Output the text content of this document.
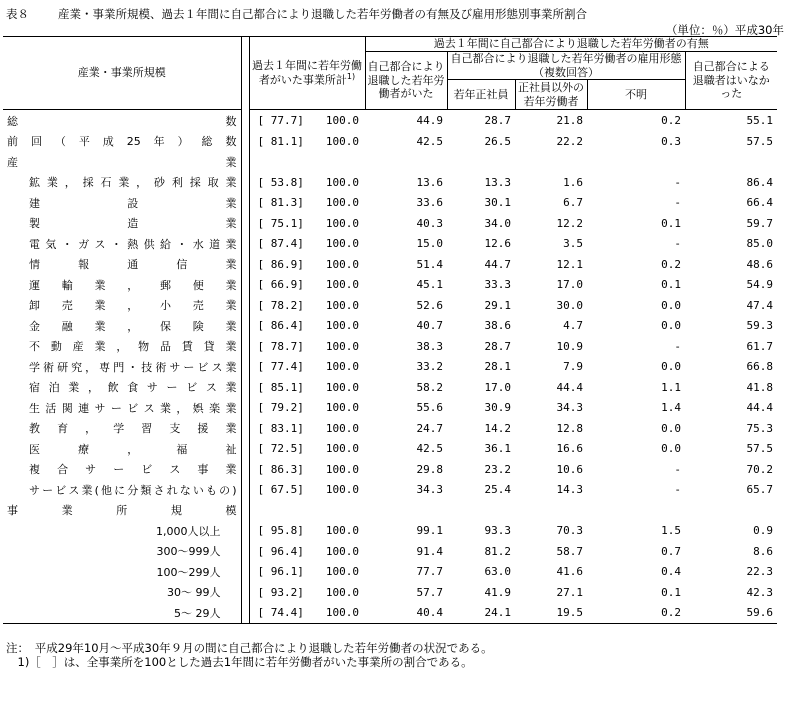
表８	産業・事業所規模、過去１年間に自己都合により退職した若年労働者の有無及び雇用形態別事業所割合
（単位：％）平成30年
産業・事業所規模		過去１年間に若年労働者がいた事業所計$^{1)}$		過去１年間に自己都合により退職した若年労働者の有無				
				自己都合により退職した若年労働者がいた	自己都合により退職した若年労働者の雇用形態（複数回答）			自己都合による退職者はいなかった
					若年正社員	正社員以外の若年労働者	不明	

総数		[ 77.7]	100.0	44.9	28.7	21.8	0.2	55.1
前回（平成25年）総数		[ 81.1]	100.0	42.5	26.5	22.2	0.3	57.5
産業								
鉱業，採石業，砂利採取業		[ 53.8]	100.0	13.6	13.3	1.6	-	86.4
建設業		[ 81.3]	100.0	33.6	30.1	6.7	-	66.4
製造業		[ 75.1]	100.0	40.3	34.0	12.2	0.1	59.7
電気・ガス・熱供給・水道業		[ 87.4]	100.0	15.0	12.6	3.5	-	85.0
情報通信業		[ 86.9]	100.0	51.4	44.7	12.1	0.2	48.6
運輸業，郵便業		[ 66.9]	100.0	45.1	33.3	17.0	0.1	54.9
卸売業，小売業		[ 78.2]	100.0	52.6	29.1	30.0	0.0	47.4
金融業，保険業		[ 86.4]	100.0	40.7	38.6	4.7	0.0	59.3
不動産業，物品賃貸業		[ 78.7]	100.0	38.3	28.7	10.9	-	61.7
学術研究，専門・技術サービス業		[ 77.4]	100.0	33.2	28.1	7.9	0.0	66.8
宿泊業，飲食サービス業		[ 85.1]	100.0	58.2	17.0	44.4	1.1	41.8
生活関連サービス業，娯楽業		[ 79.2]	100.0	55.6	30.9	34.3	1.4	44.4
教育，学習支援業		[ 83.1]	100.0	24.7	14.2	12.8	0.0	75.3
医療，福祉		[ 72.5]	100.0	42.5	36.1	16.6	0.0	57.5
複合サービス事業		[ 86.3]	100.0	29.8	23.2	10.6	-	70.2
サービス業(他に分類されないもの)		[ 67.5]	100.0	34.3	25.4	14.3	-	65.7
事業所規模								
1,000人以上		[ 95.8]	100.0	99.1	93.3	70.3	1.5	0.9
300～999人		[ 96.4]	100.0	91.4	81.2	58.7	0.7	8.6
100～299人		[ 96.1]	100.0	77.7	63.0	41.6	0.4	22.3
30～ 99人		[ 93.2]	100.0	57.7	41.9	27.1	0.1	42.3
5～ 29人		[ 74.4]	100.0	40.4	24.1	19.5	0.2	59.6
注：　平成29年10月～平成30年９月の間に自己都合により退職した若年労働者の状況である。
　1)［　］は、全事業所を100とした過去1年間に若年労働者がいた事業所の割合である。
